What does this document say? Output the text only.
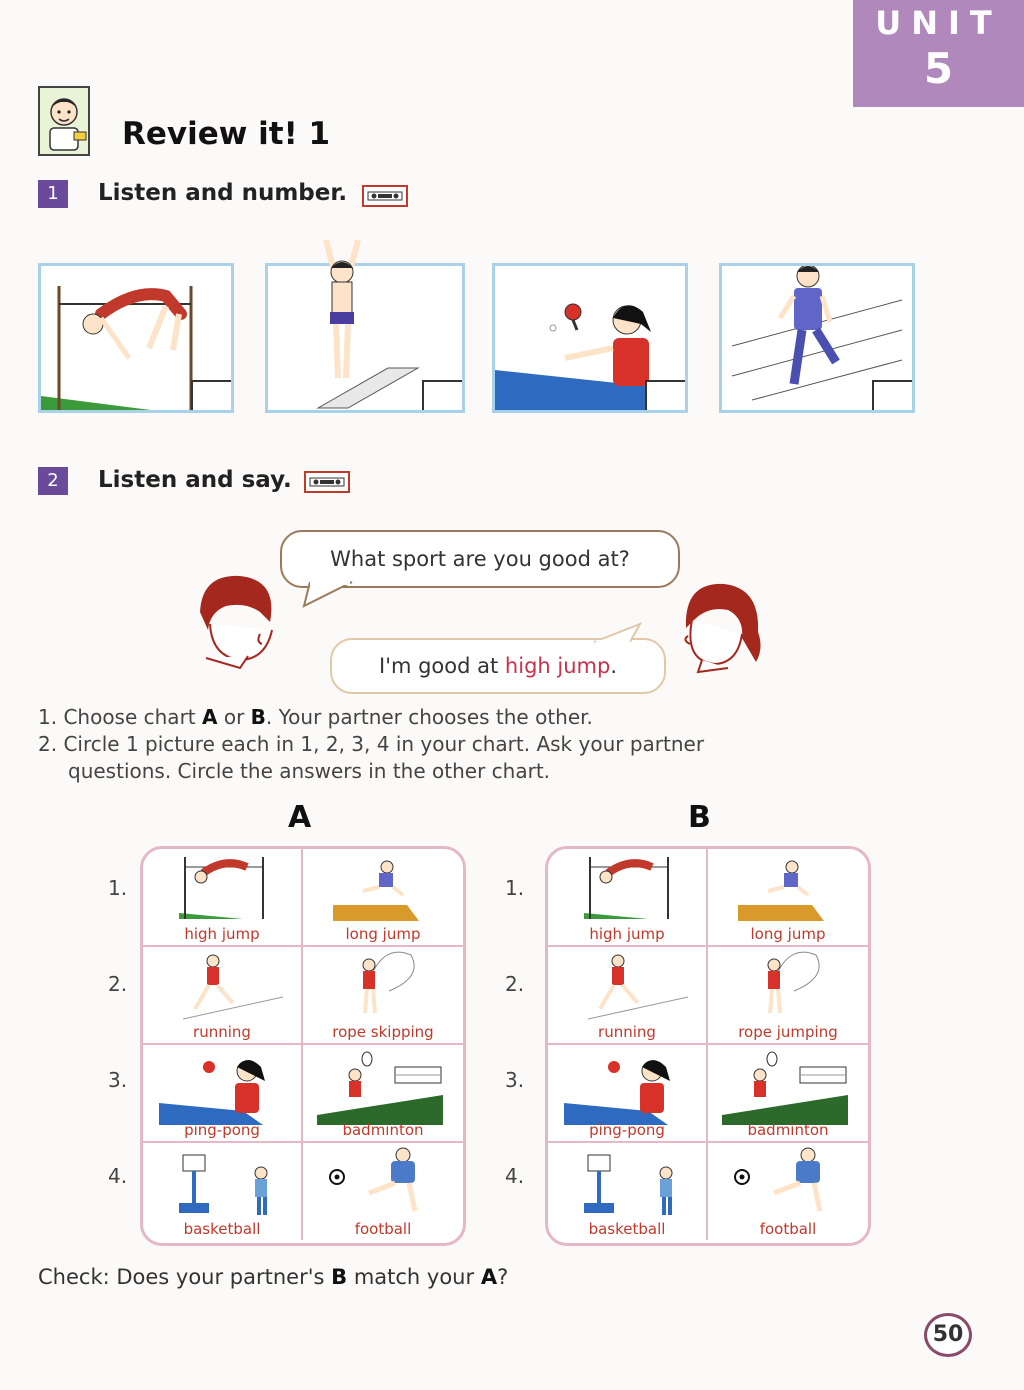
UNIT
5
Review it! 1
1	Listen and number.
2	Listen and say.
What sport are you good at?
I'm good at high jump.
1. Choose chart A or B. Your partner chooses the other.
2. Circle 1 picture each in 1, 2, 3, 4 in your chart. Ask your partner
questions. Circle the answers in the other chart.
A	B
1.
2.
3.
4.
1.
2.
3.
4.
high jump	long jump
running	rope skipping
ping-pong	badminton
basketball	football
high jump	long jump
running	rope jumping
ping-pong	badminton
basketball	football
Check: Does your partner's B match your A?
50
